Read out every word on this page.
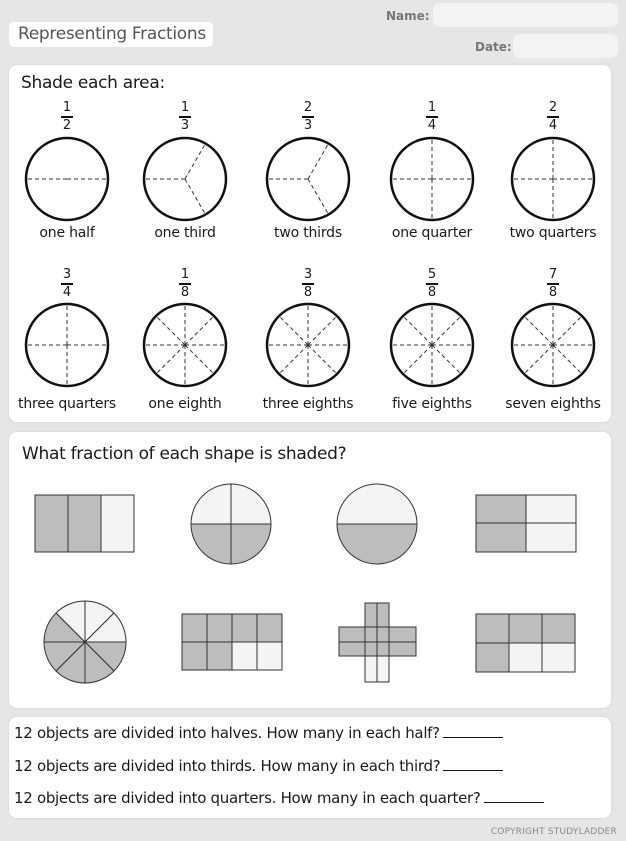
Representing Fractions
Name:
Date:
Shade each area:
1
2
one half
1
3
one third
2
3
two thirds
1
4
one quarter
2
4
two quarters
3
4
three quarters
1
8
one eighth
3
8
three eighths
5
8
five eighths
7
8
seven eighths
What fraction of each shape is shaded?
12 objects are divided into halves. How many in each half?
12 objects are divided into thirds. How many in each third?
12 objects are divided into quarters. How many in each quarter?
COPYRIGHT STUDYLADDER
